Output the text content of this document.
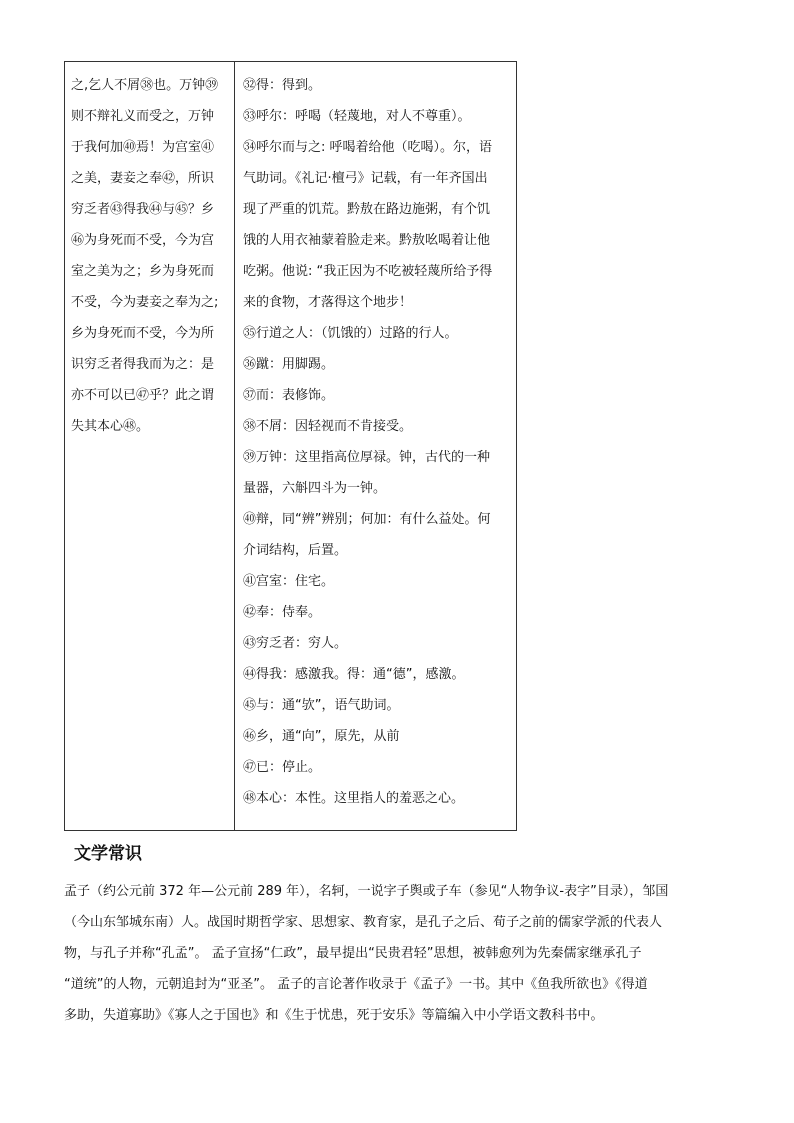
之,乞人不屑㊳也。万钟㊴
则不辩礼义而受之，万钟
于我何加㊵焉！为宫室㊶
之美，妻妾之奉㊷，所识
穷乏者㊸得我㊹与㊺？乡
㊻为身死而不受，今为宫
室之美为之；乡为身死而
不受，今为妻妾之奉为之;
乡为身死而不受，今为所
识穷乏者得我而为之：是
亦不可以已㊼乎？此之谓
失其本心㊽。
㉜得：得到。
㉝呼尔：呼喝（轻蔑地，对人不尊重）。
㉞呼尔而与之: 呼喝着给他（吃喝）。尔，语
气助词。《礼记·檀弓》记载，有一年齐国出
现了严重的饥荒。黔敖在路边施粥，有个饥
饿的人用衣袖蒙着脸走来。黔敖吆喝着让他
吃粥。他说: “我正因为不吃被轻蔑所给予得
来的食物，才落得这个地步！
㉟行道之人：（饥饿的）过路的行人。
㊱蹴：用脚踢。
㊲而：表修饰。
㊳不屑：因轻视而不肯接受。
㊴万钟：这里指高位厚禄。钟，古代的一种
量器，六斛四斗为一钟。
㊵辩，同“辨”辨别；何加：有什么益处。何
介词结构，后置。
㊶宫室：住宅。
㊷奉：侍奉。
㊸穷乏者：穷人。
㊹得我：感激我。得：通“德”，感激。
㊺与：通“欤”，语气助词。
㊻乡，通“向”，原先，从前
㊼已：停止。
㊽本心：本性。这里指人的羞恶之心。
文学常识
孟子（约公元前 372 年—公元前 289 年），名轲，一说字子舆或子车（参见“人物争议-表字”目录），邹国
（今山东邹城东南）人。战国时期哲学家、思想家、教育家，是孔子之后、荀子之前的儒家学派的代表人
物，与孔子并称“孔孟”。 孟子宣扬“仁政”，最早提出“民贵君轻”思想，被韩愈列为先秦儒家继承孔子
“道统”的人物，元朝追封为“亚圣”。 孟子的言论著作收录于《孟子》一书。其中《鱼我所欲也》《得道
多助，失道寡助》《寡人之于国也》和《生于忧患，死于安乐》等篇编入中小学语文教科书中。
